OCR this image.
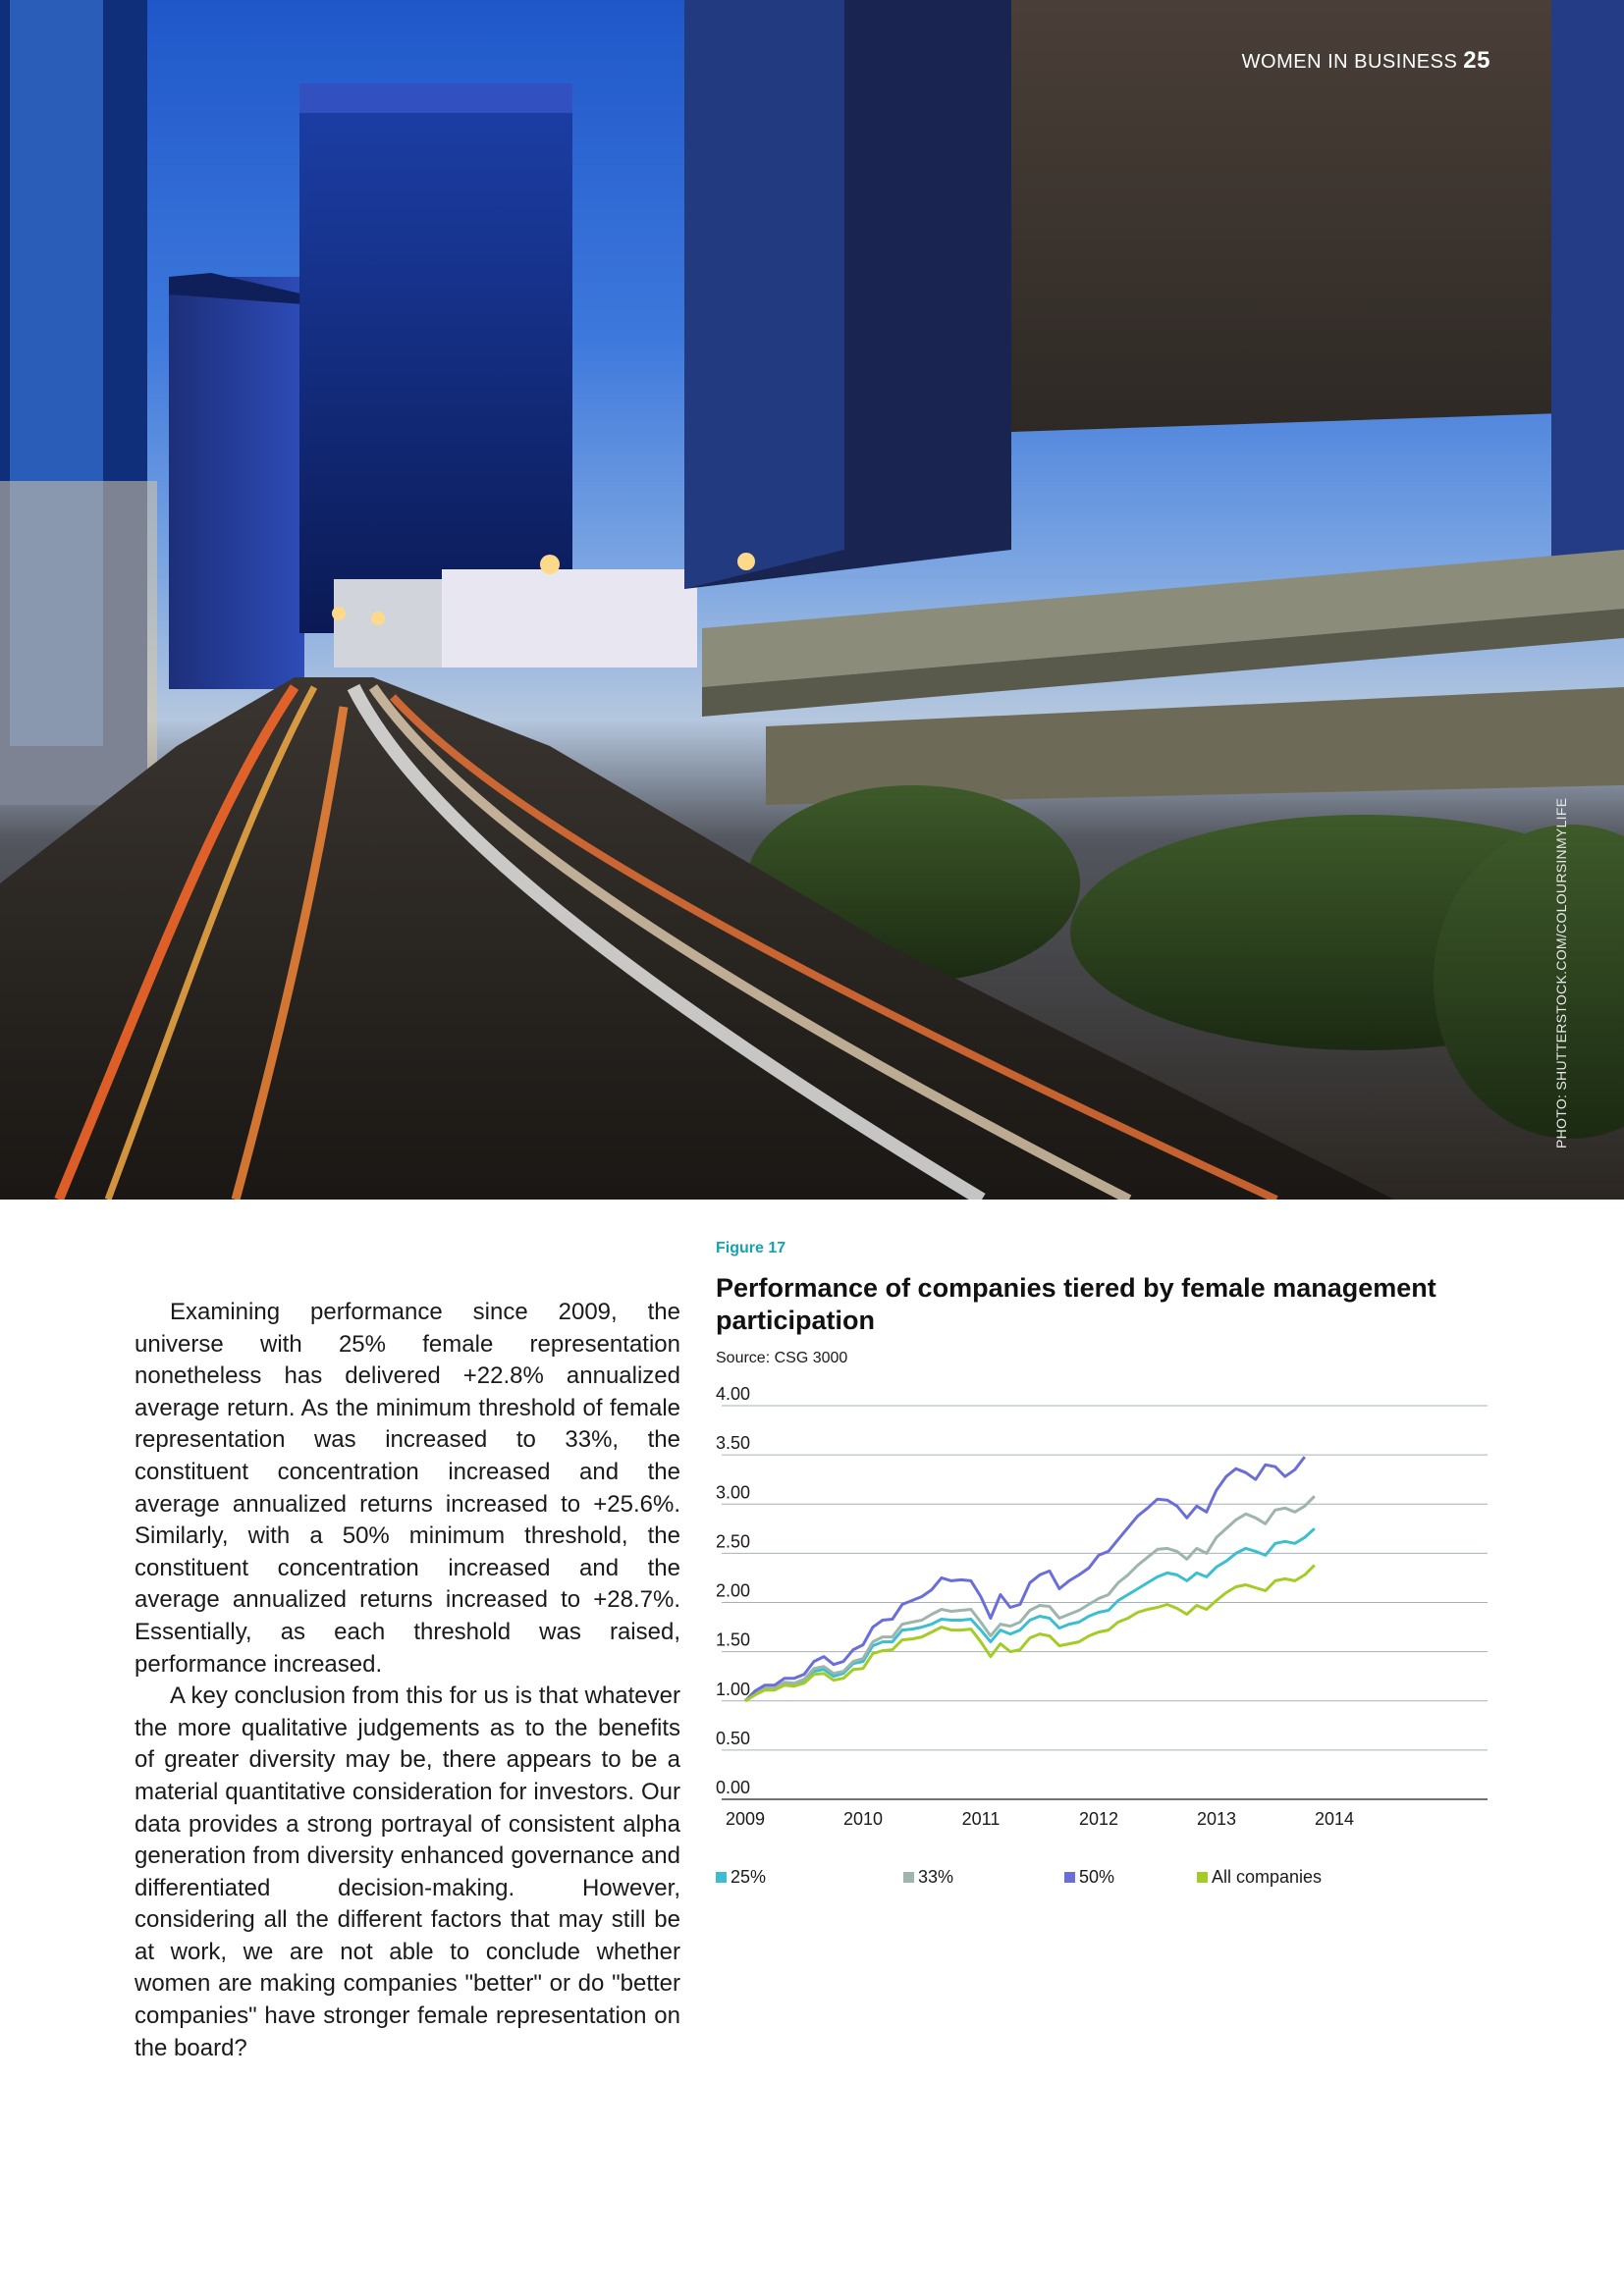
WOMEN IN BUSINESS 25
PHOTO: SHUTTERSTOCK.COM/COLOURSINMYLIFE

Examining performance since 2009, the universe with 25% female representation nonetheless has delivered +22.8% annualized average return. As the minimum threshold of female representation was increased to 33%, the constituent concentration increased and the average annualized returns increased to +25.6%. Similarly, with a 50% minimum threshold, the constituent concentration increased and the average annualized returns increased to +28.7%. Essentially, as each threshold was raised, performance increased.

A key conclusion from this for us is that whatever the more qualitative judgements as to the benefits of greater diversity may be, there appears to be a material quantitative consideration for investors. Our data provides a strong portrayal of consistent alpha generation from diversity enhanced governance and differentiated decision-making. However, considering all the different factors that may still be at work, we are not able to conclude whether women are making companies "better" or do "better companies" have stronger female representation on the board?

Figure 17
Performance of companies tiered by female management participation
Source: CSG 3000
0.00
0.50
1.00
1.50
2.00
2.50
3.00
3.50
4.00
2009	2010	2011	2012	2013	2014
25%	33%	50%	All companies
